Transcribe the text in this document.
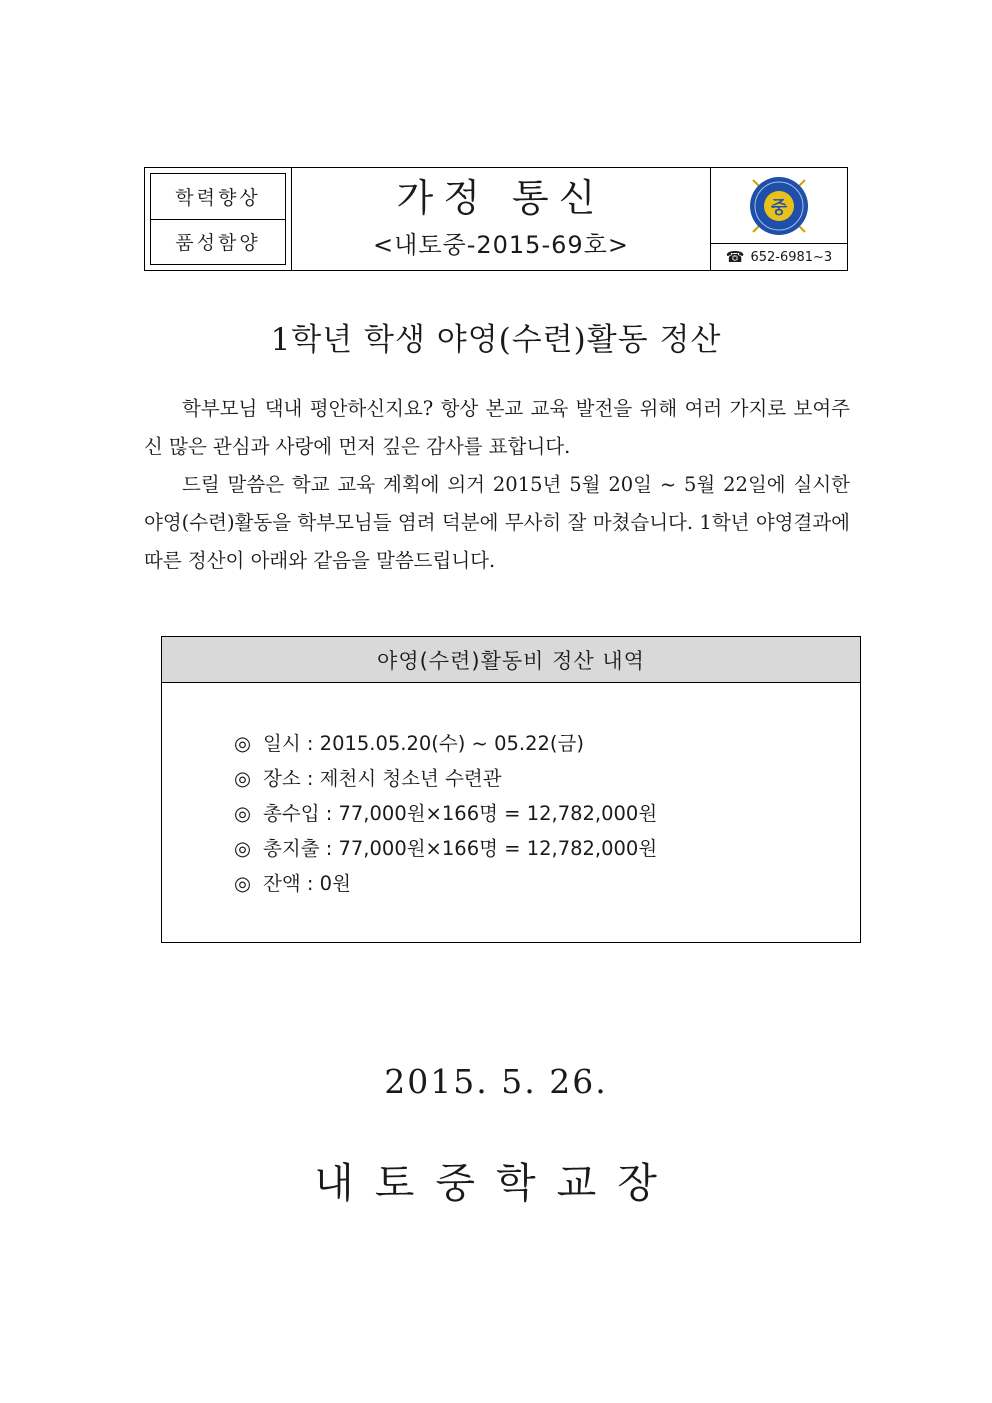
학력향상
품성함양
가정 통신
<내토중-2015-69호>
중
☎ 652-6981~3
1학년 학생 야영(수련)활동 정산

학부모님 댁내 평안하신지요? 항상 본교 교육 발전을 위해 여러 가지로 보여주신 많은 관심과 사랑에 먼저 깊은 감사를 표합니다.

드릴 말씀은 학교 교육 계획에 의거 2015년 5월 20일 ~ 5월 22일에 실시한 야영(수련)활동을 학부모님들 염려 덕분에 무사히 잘 마쳤습니다. 1학년 야영결과에 따른 정산이 아래와 같음을 말씀드립니다.

야영(수련)활동비 정산 내역
◎ 일시 : 2015.05.20(수) ~ 05.22(금)
◎ 장소 : 제천시 청소년 수련관
◎ 총수입 : 77,000원×166명 = 12,782,000원
◎ 총지출 : 77,000원×166명 = 12,782,000원
◎ 잔액 : 0원
2015. 5. 26.
내토중학교장
